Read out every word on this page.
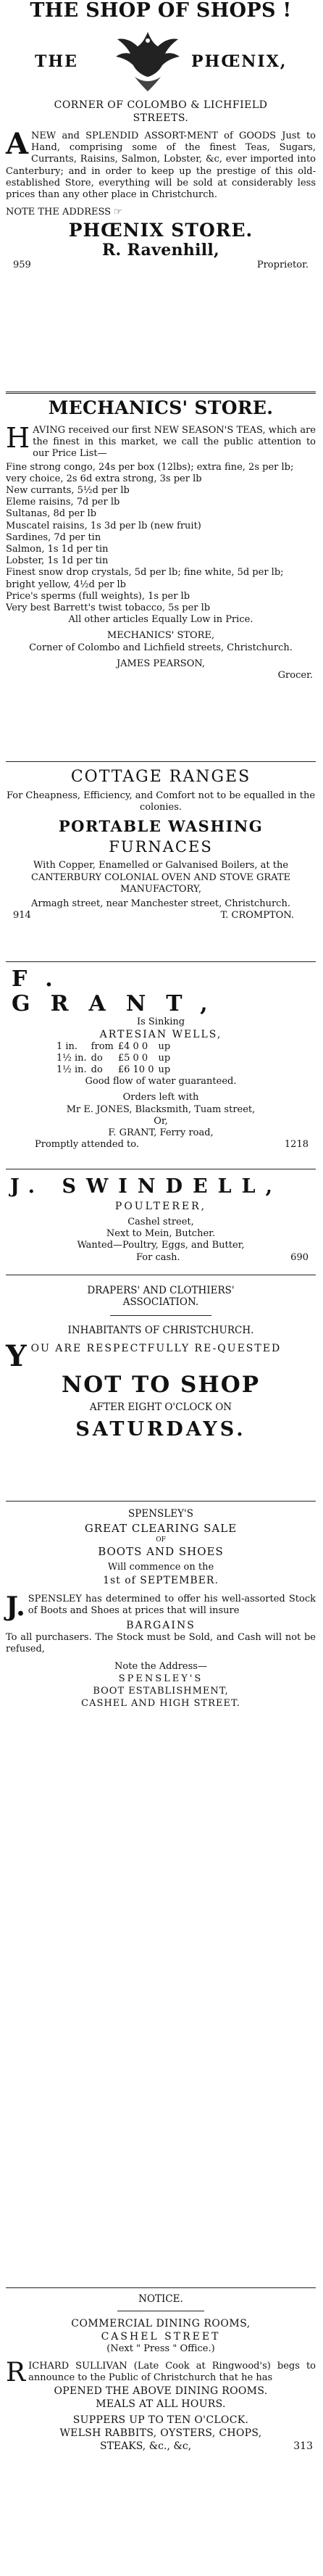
THE SHOP OF SHOPS !
THE	PHŒNIX,
CORNER OF COLOMBO & LICHFIELD
STREETS.
ANEW and SPLENDID ASSORT-MENT of GOODS Just to Hand, comprising some of the finest Teas, Sugars, Currants, Raisins, Salmon, Lobster, &c, ever imported into Canterbury; and in order to keep up the prestige of this old-established Store, everything will be sold at considerably less prices than any other place in Christchurch.
NOTE THE ADDRESS ☞
PHŒNIX STORE.
R. Ravenhill,
959	Proprietor.
MECHANICS' STORE.
HAVING received our first NEW SEASON'S TEAS, which are the finest in this market, we call the public attention to our Price List—
Fine strong congo, 24s per box (12lbs); extra fine, 2s per lb; very choice, 2s 6d extra strong, 3s per lb
New currants, 5½d per lb
Eleme raisins, 7d per lb
Sultanas, 8d per lb
Muscatel raisins, 1s 3d per lb (new fruit)
Sardines, 7d per tin
Salmon, 1s 1d per tin
Lobster, 1s 1d per tin
Finest snow drop crystals, 5d per lb; fine white, 5d per lb; bright yellow, 4½d per lb
Price's sperms (full weights), 1s per lb
Very best Barrett's twist tobacco, 5s per lb
All other articles Equally Low in Price.
MECHANICS' STORE,
Corner of Colombo and Lichfield streets, Christchurch.
JAMES PEARSON,
Grocer.
COTTAGE RANGES
For Cheapness, Efficiency, and Comfort not to be equalled in the colonies.
PORTABLE WASHING
FURNACES
With Copper, Enamelled or Galvanised Boilers, at the
CANTERBURY COLONIAL OVEN AND STOVE GRATE MANUFACTORY,
Armagh street, near Manchester street, Christchurch.
914	T. CROMPTON.
F. GRANT,
Is Sinking
ARTESIAN WELLS,
1 in.	from	£4 0 0	up
1½ in.	do	£5 0 0	up
1½ in.	do	£6 10 0	up
Good flow of water guaranteed.
Orders left with
Mr E. JONES, Blacksmith, Tuam street,
Or,
F. GRANT, Ferry road,
Promptly attended to.	1218
J. SWINDELL,
POULTERER,
Cashel street,
Next to Mein, Butcher.
Wanted—Poultry, Eggs, and Butter,
For cash.	690
DRAPERS' AND CLOTHIERS'
ASSOCIATION.
INHABITANTS OF CHRISTCHURCH.
YOU ARE RESPECTFULLY RE-QUESTED
NOT TO SHOP
AFTER EIGHT O'CLOCK ON
SATURDAYS.
SPENSLEY'S
GREAT CLEARING SALE
OF
BOOTS AND SHOES
Will commence on the
1st of SEPTEMBER.
J. SPENSLEY has determined to offer his well-assorted Stock of Boots and Shoes at prices that will insure
BARGAINS
To all purchasers. The Stock must be Sold, and Cash will not be refused,
Note the Address—
SPENSLEY'S
BOOT ESTABLISHMENT,
CASHEL AND HIGH STREET.
NOTICE.
COMMERCIAL DINING ROOMS,
CASHEL STREET
(Next " Press " Office.)
RICHARD SULLIVAN (Late Cook at Ringwood's) begs to announce to the Public of Christchurch that he has
OPENED THE ABOVE DINING ROOMS.
MEALS AT ALL HOURS.
SUPPERS UP TO TEN O'CLOCK.
WELSH RABBITS, OYSTERS, CHOPS,
STEAKS, &c., &c,	313
